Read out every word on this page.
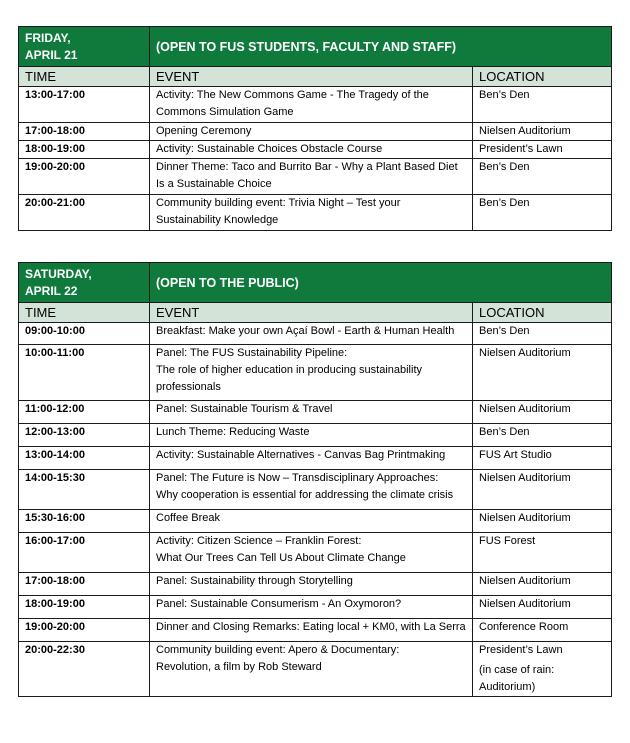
FRIDAY,
APRIL 21	(OPEN TO FUS STUDENTS, FACULTY AND STAFF)	
TIME	EVENT	LOCATION
13:00-17:00	Activity: The New Commons Game - The Tragedy of the
Commons Simulation Game	Ben’s Den

17:00-18:00	Opening Ceremony	Nielsen Auditorium

18:00-19:00	Activity: Sustainable Choices Obstacle Course	President’s Lawn

19:00-20:00	Dinner Theme: Taco and Burrito Bar - Why a Plant Based Diet
Is a Sustainable Choice	Ben’s Den

20:00-21:00	Community building event: Trivia Night – Test your
Sustainability Knowledge	Ben’s Den
SATURDAY,
APRIL 22	(OPEN TO THE PUBLIC)	
TIME	EVENT	LOCATION
09:00-10:00	Breakfast: Make your own Açaí Bowl - Earth & Human Health	Ben’s Den

10:00-11:00	Panel: The FUS Sustainability Pipeline:
The role of higher education in producing sustainability
professionals	Nielsen Auditorium

11:00-12:00	Panel: Sustainable Tourism & Travel	Nielsen Auditorium

12:00-13:00	Lunch Theme: Reducing Waste	Ben’s Den

13:00-14:00	Activity: Sustainable Alternatives - Canvas Bag Printmaking	FUS Art Studio

14:00-15:30	Panel: The Future is Now – Transdisciplinary Approaches:
Why cooperation is essential for addressing the climate crisis	Nielsen Auditorium

15:30-16:00	Coffee Break	Nielsen Auditorium

16:00-17:00	Activity: Citizen Science – Franklin Forest:
What Our Trees Can Tell Us About Climate Change	FUS Forest

17:00-18:00	Panel: Sustainability through Storytelling	Nielsen Auditorium

18:00-19:00	Panel: Sustainable Consumerism - An Oxymoron?	Nielsen Auditorium

19:00-20:00	Dinner and Closing Remarks: Eating local + KM0, with La Serra	Conference Room

20:00-22:30	Community building event: Apero & Documentary:
Revolution, a film by Rob Steward	President’s Lawn
(in case of rain:
Auditorium)
